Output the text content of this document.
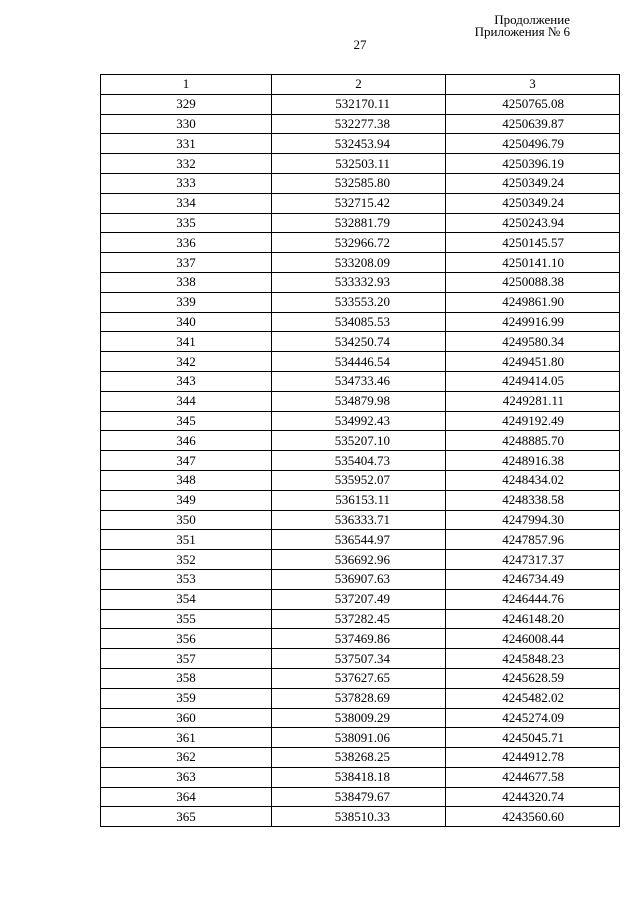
Продолжение
Приложения № 6
27
1	2	3
329	532170.11	4250765.08
330	532277.38	4250639.87
331	532453.94	4250496.79
332	532503.11	4250396.19
333	532585.80	4250349.24
334	532715.42	4250349.24
335	532881.79	4250243.94
336	532966.72	4250145.57
337	533208.09	4250141.10
338	533332.93	4250088.38
339	533553.20	4249861.90
340	534085.53	4249916.99
341	534250.74	4249580.34
342	534446.54	4249451.80
343	534733.46	4249414.05
344	534879.98	4249281.11
345	534992.43	4249192.49
346	535207.10	4248885.70
347	535404.73	4248916.38
348	535952.07	4248434.02
349	536153.11	4248338.58
350	536333.71	4247994.30
351	536544.97	4247857.96
352	536692.96	4247317.37
353	536907.63	4246734.49
354	537207.49	4246444.76
355	537282.45	4246148.20
356	537469.86	4246008.44
357	537507.34	4245848.23
358	537627.65	4245628.59
359	537828.69	4245482.02
360	538009.29	4245274.09
361	538091.06	4245045.71
362	538268.25	4244912.78
363	538418.18	4244677.58
364	538479.67	4244320.74
365	538510.33	4243560.60
